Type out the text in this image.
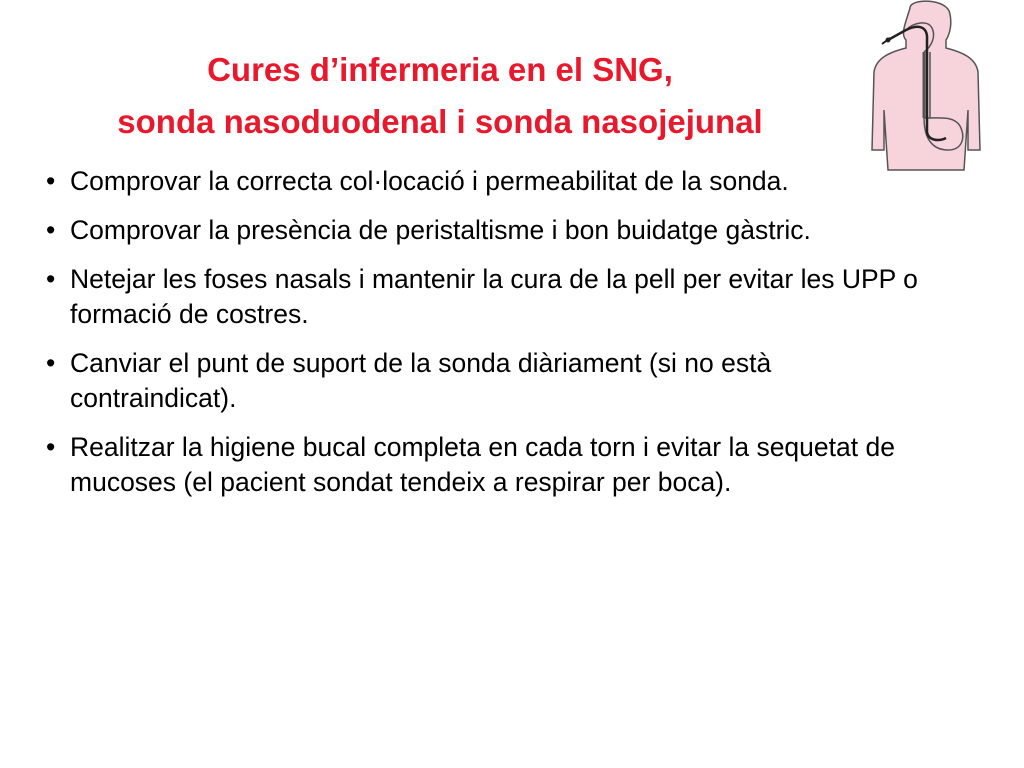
Cures d’infermeria en el SNG,
sonda nasoduodenal i sonda nasojejunal
• Comprovar la correcta col·locació i permeabilitat de la sonda.
• Comprovar la presència de peristaltisme i bon buidatge gàstric.
• Netejar les foses nasals i mantenir la cura de la pell per evitar les UPP o formació de costres.
• Canviar el punt de suport de la sonda diàriament (si no està contraindicat).
• Realitzar la higiene bucal completa en cada torn i evitar la sequetat de mucoses (el pacient sondat tendeix a respirar per boca).
